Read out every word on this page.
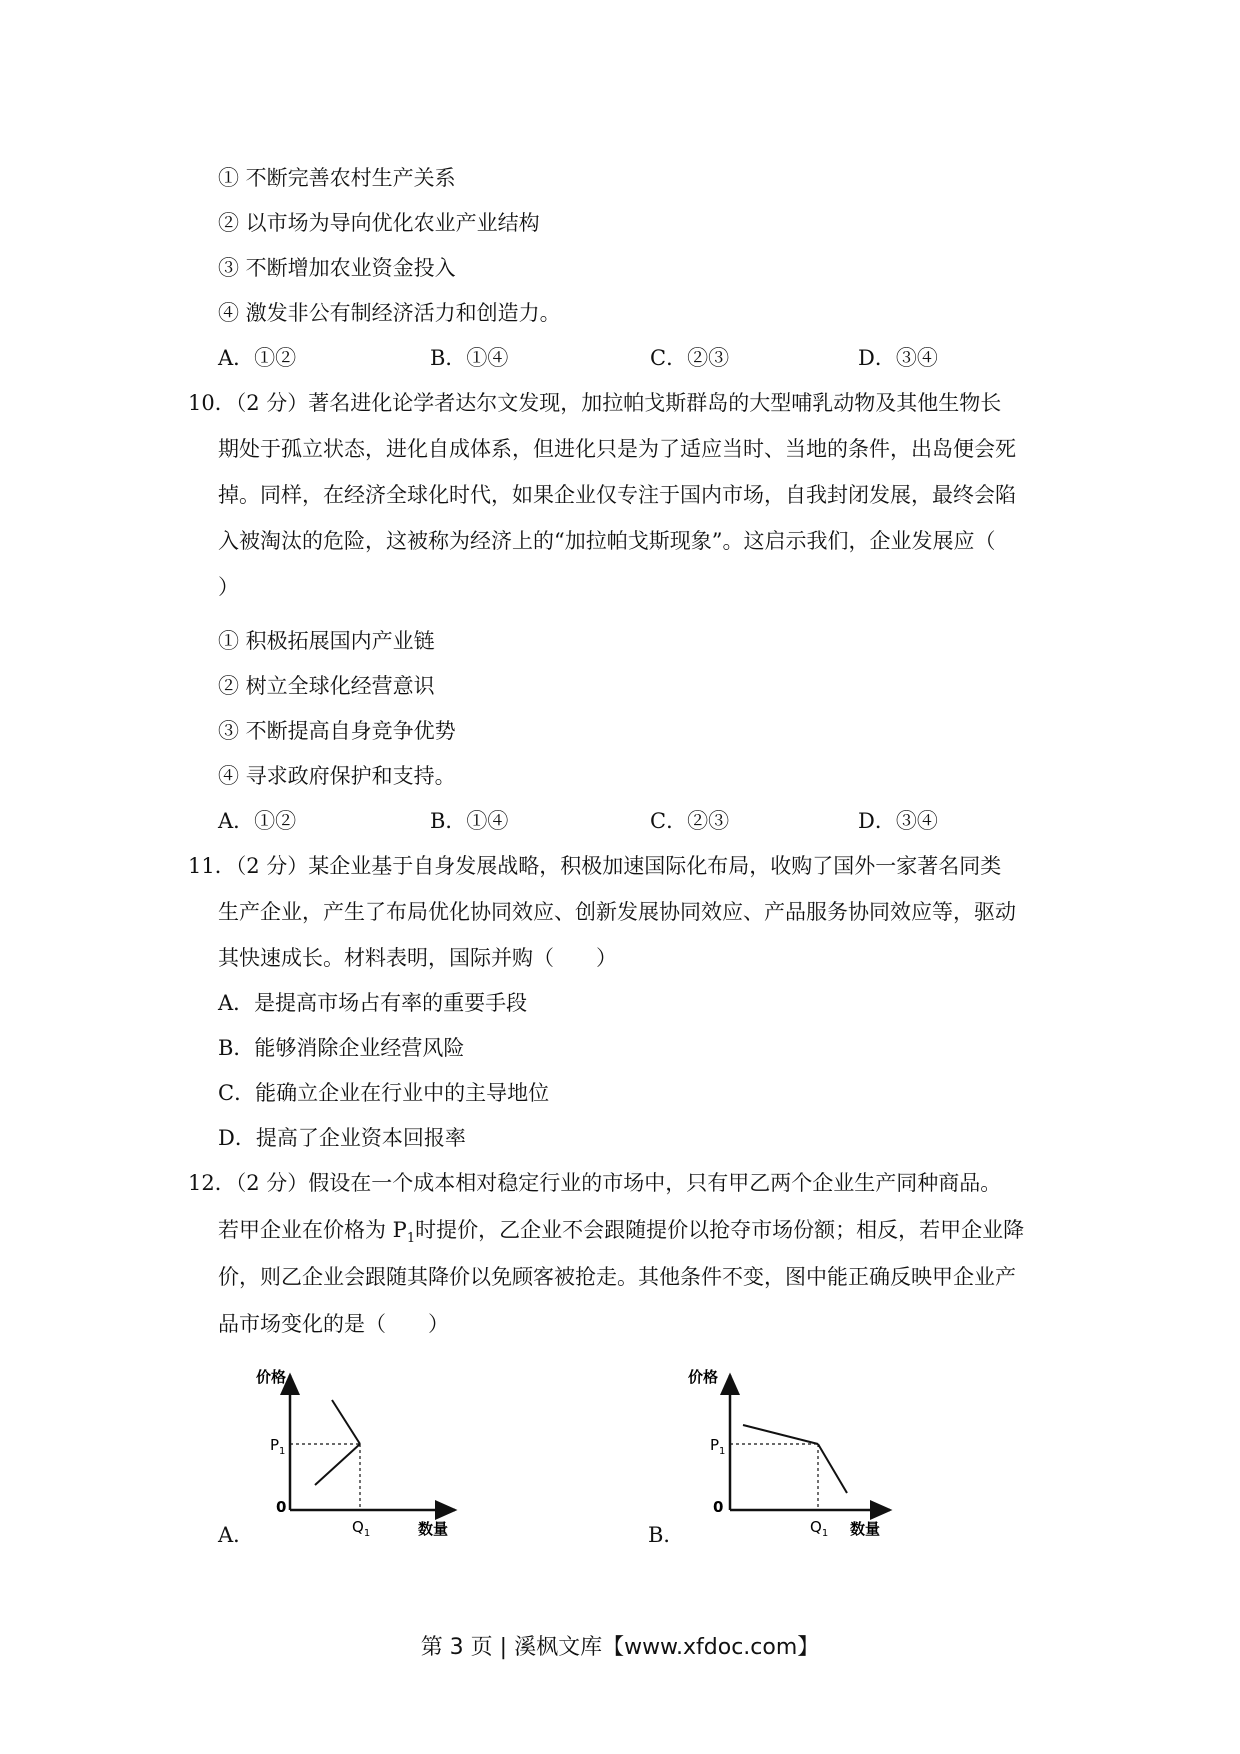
① 不断完善农村生产关系
② 以市场为导向优化农业产业结构
③ 不断增加农业资金投入
④ 激发非公有制经济活力和创造力。
A．①②	B．①④	C．②③	D．③④
10．（2 分）著名进化论学者达尔文发现，加拉帕戈斯群岛的大型哺乳动物及其他生物长
期处于孤立状态，进化自成体系，但进化只是为了适应当时、当地的条件，出岛便会死
掉。同样，在经济全球化时代，如果企业仅专注于国内市场，自我封闭发展，最终会陷
入被淘汰的危险，这被称为经济上的“加拉帕戈斯现象”。这启示我们，企业发展应（
）
① 积极拓展国内产业链
② 树立全球化经营意识
③ 不断提高自身竞争优势
④ 寻求政府保护和支持。
A．①②	B．①④	C．②③	D．③④
11．（2 分）某企业基于自身发展战略，积极加速国际化布局，收购了国外一家著名同类
生产企业，产生了布局优化协同效应、创新发展协同效应、产品服务协同效应等，驱动
其快速成长。材料表明，国际并购（　　）
A．是提高市场占有率的重要手段
B．能够消除企业经营风险
C．能确立企业在行业中的主导地位
D．提高了企业资本回报率
12．（2 分）假设在一个成本相对稳定行业的市场中，只有甲乙两个企业生产同种商品。
若甲企业在价格为 $P_1$时提价，乙企业不会跟随提价以抢夺市场份额；相反，若甲企业降
价，则乙企业会跟随其降价以免顾客被抢走。其他条件不变，图中能正确反映甲企业产
品市场变化的是（　　）
A．
价格
$P_1$
0
$Q_1$	数量	B．
价格
$P_1$
0
$Q_1$ 数量
第 3 页 | 溪枫文库【www.xfdoc.com】
